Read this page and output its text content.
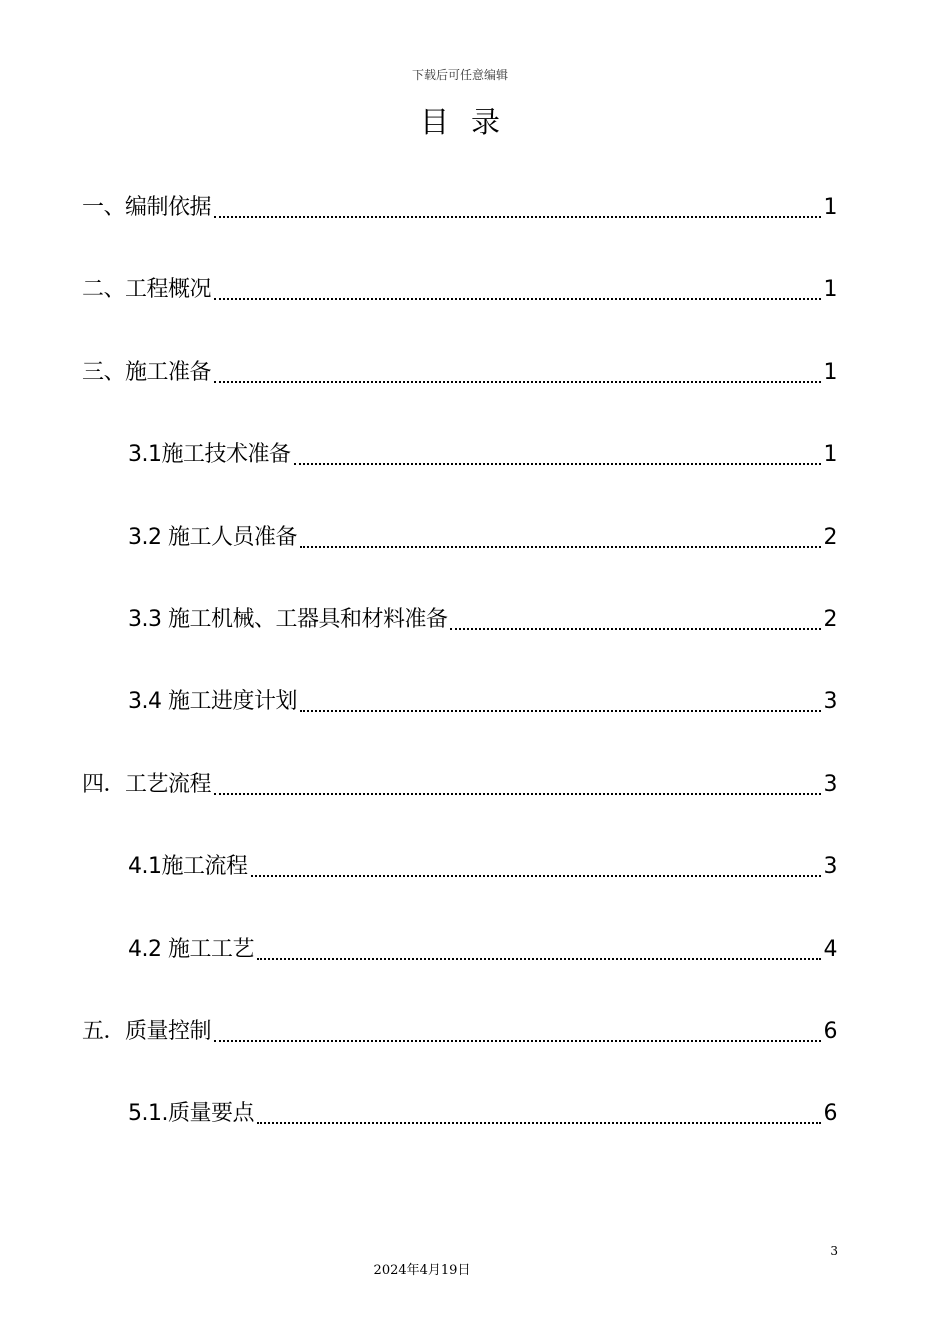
下载后可任意编辑
目录
一、编制依据	1
二、工程概况	1
三、施工准备	1
3.1施工技术准备	1
3.2 施工人员准备	2
3.3 施工机械、工器具和材料准备	2
3.4 施工进度计划	3
四．工艺流程	3
4.1施工流程	3
4.2 施工工艺	4
五．质量控制	6
5.1.质量要点	6
3
2024年4月19日
